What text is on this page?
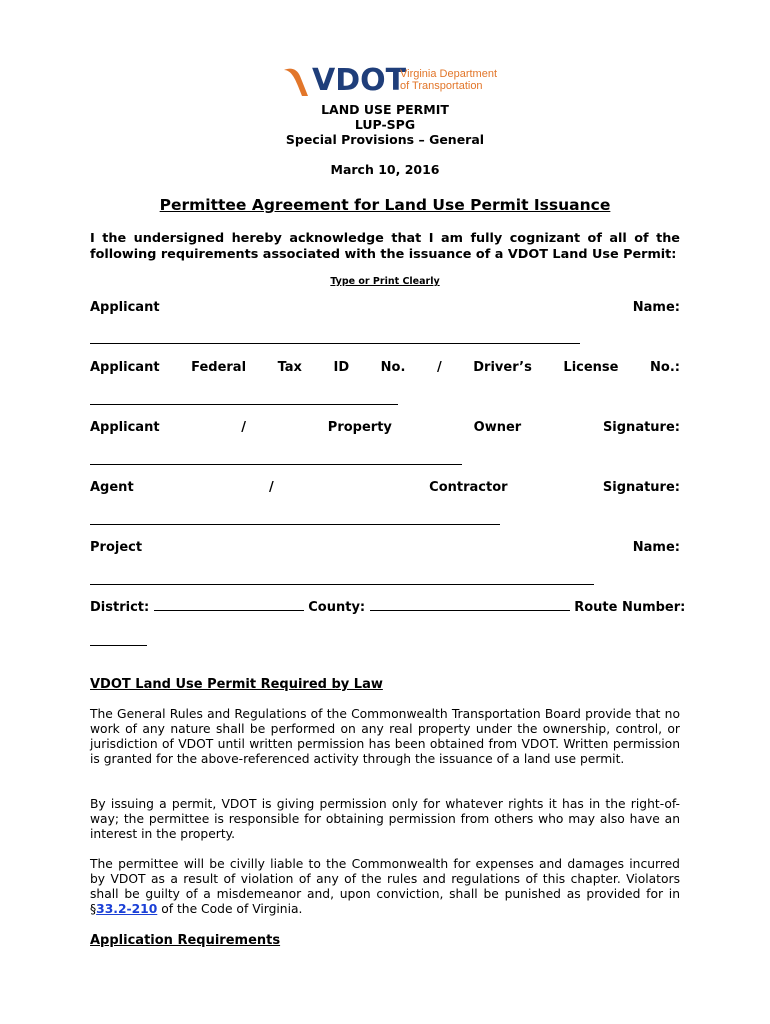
VDOT
Virginia Department
of Transportation
LAND USE PERMIT
LUP-SPG
Special Provisions – General
March 10, 2016
Permittee Agreement for Land Use Permit Issuance
I the undersigned hereby acknowledge that I am fully cognizant of all of the following requirements associated with the issuance of a VDOT Land Use Permit:
Type or Print Clearly
Applicant	Name:
Applicant Federal Tax ID No. / Driver’s License No.:
Applicant	/	Property	Owner	Signature:
Agent	/	Contractor	Signature:
Project	Name:
District:	County:	Route Number:
VDOT Land Use Permit Required by Law
The General Rules and Regulations of the Commonwealth Transportation Board provide that no work of any nature shall be performed on any real property under the ownership, control, or jurisdiction of VDOT until written permission has been obtained from VDOT. Written permission is granted for the above-referenced activity through the issuance of a land use permit.
By issuing a permit, VDOT is giving permission only for whatever rights it has in the right-of-way; the permittee is responsible for obtaining permission from others who may also have an interest in the property.
The permittee will be civilly liable to the Commonwealth for expenses and damages incurred by VDOT as a result of violation of any of the rules and regulations of this chapter. Violators shall be guilty of a misdemeanor and, upon conviction, shall be punished as provided for in §33.2-210 of the Code of Virginia.
Application Requirements
